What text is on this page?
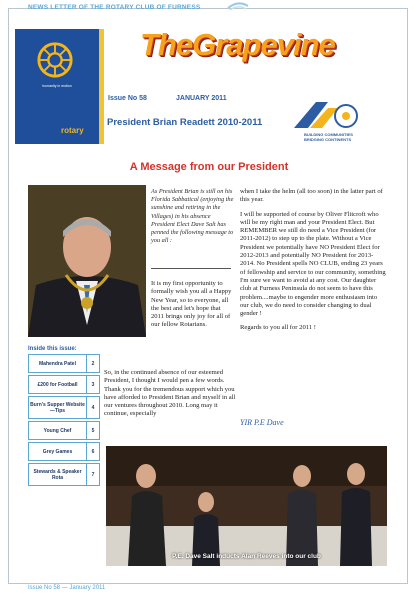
NEWS LETTER OF THE ROTARY CLUB OF FURNESS
humanity in motion
rotary
TheGrapevine
Issue No 58	JANUARY 2011
President Brian Readett 2010-2011
BUILDING COMMUNITIES
BRIDGING CONTINENTS
A Message from our President
As President Brian is still on his Florida Sabbatical (enjoying the sunshine and retiring in the Villages) in his absence President Elect Dave Salt has penned the following message to you all :
It is my first opportunity to formally wish you all a Happy New Year, so to everyone, all the best and let's hope that 2011 brings only joy for all of our fellow Rotarians.

So, in the continued absence of our esteemed President, I thought I would pen a few words. Thank you for the tremendous support which you have afforded to President Brian and myself in all our ventures throughout 2010. Long may it continue, especially

when I take the helm (all too soon) in the latter part of this year.

I will be supported of course by Oliver Flitcroft who will be my right man and your President Elect. But REMEMBER we still do need a Vice President (for 2011-2012) to step up to the plate. Without a Vice President we potentially have NO President Elect for 2012-2013 and potentially NO President for 2013-2014. No President spells NO CLUB, ending 23 years of fellowship and service to our community, something I'm sure we want to avoid at any cost. Our daughter club at Furness Peninsula do not seem to have this problem....maybe to engender more enthusiasm into our club, we do need to consider changing to dual gender !

Regards to you all for 2011 !

YIR P.E Dave
Inside this issue:
Mahendra Patel	2
£200 for Football	3
Burn's Supper Website—Tips	4
Young Chef	5
Grey Games	6
Stewards & Speaker Rota	7
P.E. Dave Salt inducts Alan Reeves into our club
Issue No 58 — January 2011
